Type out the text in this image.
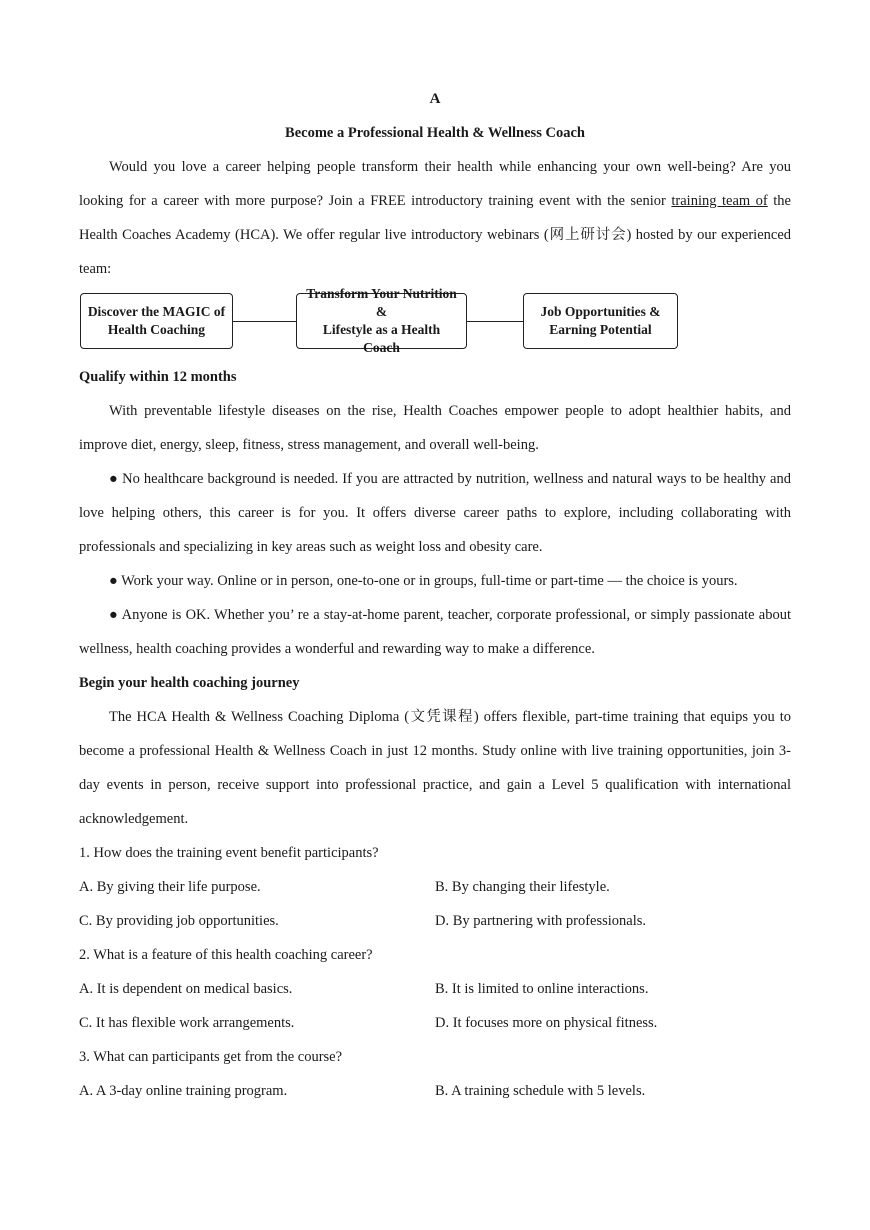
A
Become a Professional Health & Wellness Coach

Would you love a career helping people transform their health while enhancing your own well-being? Are you looking for a career with more purpose? Join a FREE introductory training event with the senior training team of the Health Coaches Academy (HCA). We offer regular live introductory webinars (网上研讨会) hosted by our experienced team:

Discover the MAGIC of
Health Coaching
Transform Your Nutrition &
Lifestyle as a Health Coach
Job Opportunities &
Earning Potential
Qualify within 12 months

With preventable lifestyle diseases on the rise, Health Coaches empower people to adopt healthier habits, and improve diet, energy, sleep, fitness, stress management, and overall well-being.

● No healthcare background is needed. If you are attracted by nutrition, wellness and natural ways to be healthy and love helping others, this career is for you. It offers diverse career paths to explore, including collaborating with professionals and specializing in key areas such as weight loss and obesity care.

● Work your way. Online or in person, one-to-one or in groups, full-time or part-time — the choice is yours.

● Anyone is OK. Whether you’ re a stay-at-home parent, teacher, corporate professional, or simply passionate about wellness, health coaching provides a wonderful and rewarding way to make a difference.

Begin your health coaching journey

The HCA Health & Wellness Coaching Diploma (文凭课程) offers flexible, part-time training that equips you to become a professional Health & Wellness Coach in just 12 months. Study online with live training opportunities, join 3-day events in person, receive support into professional practice, and gain a Level 5 qualification with international acknowledgement.

1. How does the training event benefit participants?
A. By giving their life purpose.	B. By changing their lifestyle.
C. By providing job opportunities.	D. By partnering with professionals.
2. What is a feature of this health coaching career?
A. It is dependent on medical basics.	B. It is limited to online interactions.
C. It has flexible work arrangements.	D. It focuses more on physical fitness.
3. What can participants get from the course?
A. A 3-day online training program.	B. A training schedule with 5 levels.
